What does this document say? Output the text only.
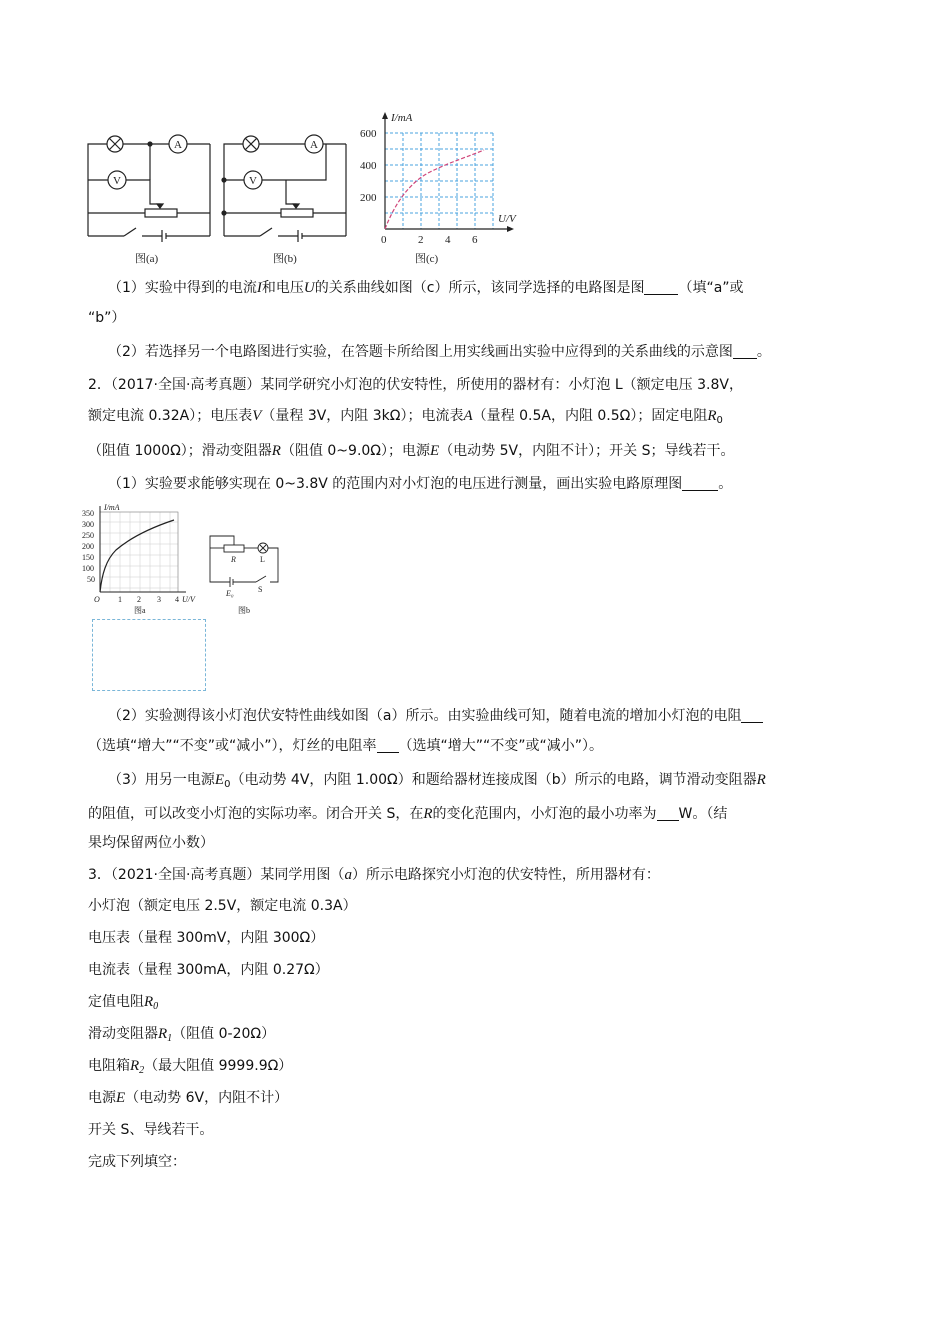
A
V
图(a)
A
V
图(b)
I/mA
U/V
600
400
200
0	2 4 6
图(c)
（1）实验中得到的电流I和电压U的关系曲线如图（c）所示，该同学选择的电路图是图 （填“a”或
“b”）
（2）若选择另一个电路图进行实验，在答题卡所给图上用实线画出实验中应得到的关系曲线的示意图 。
2．（2017·全国·高考真题）某同学研究小灯泡的伏安特性，所使用的器材有：小灯泡 L（额定电压 3.8V，
额定电流 0.32A）；电压表V（量程 3V，内阻 3kΩ）；电流表A（量程 0.5A，内阻 0.5Ω）；固定电阻$R_0$
（阻值 1000Ω）；滑动变阻器R（阻值 0~9.0Ω）；电源E（电动势 5V，内阻不计）；开关 S；导线若干。
（1）实验要求能够实现在 0~3.8V 的范围内对小灯泡的电压进行测量，画出实验电路原理图	。
I/mA
350
300
250
200
150
100
50
O 1 2 3 4 U/V
图a
R	L
E₀	S
图b
（2）实验测得该小灯泡伏安特性曲线如图（a）所示。由实验曲线可知，随着电流的增加小灯泡的电阻
（选填“增大”“不变”或“减小”），灯丝的电阻率 （选填“增大”“不变”或“减小”）。
（3）用另一电源$E_0$（电动势 4V，内阻 1.00Ω）和题给器材连接成图（b）所示的电路，调节滑动变阻器R
的阻值，可以改变小灯泡的实际功率。闭合开关 S，在R的变化范围内，小灯泡的最小功率为 W。（结
果均保留两位小数）
3．（2021·全国·高考真题）某同学用图（a）所示电路探究小灯泡的伏安特性，所用器材有：
小灯泡（额定电压 2.5V，额定电流 0.3A）
电压表（量程 300mV，内阻 300Ω）
电流表（量程 300mA，内阻 0.27Ω）
定值电阻$R_0$
滑动变阻器$R_1$（阻值 0-20Ω）
电阻箱$R_2$（最大阻值 9999.9Ω）
电源E（电动势 6V，内阻不计）
开关 S、导线若干。
完成下列填空：
